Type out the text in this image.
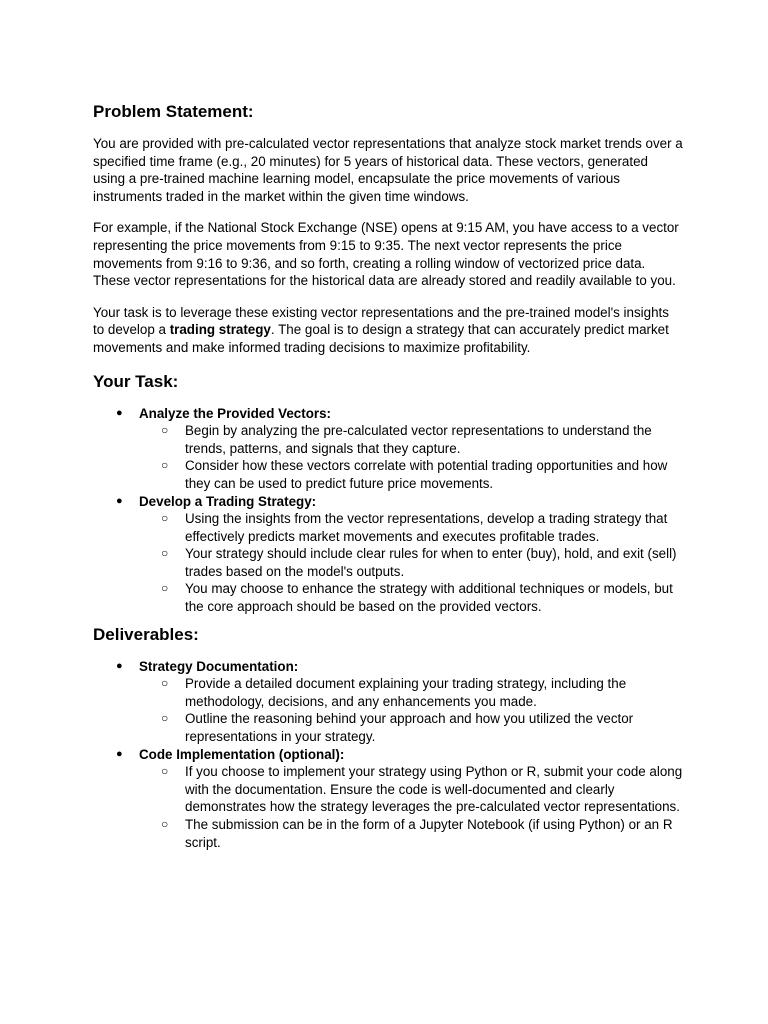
Problem Statement:

You are provided with pre-calculated vector representations that analyze stock market trends over a specified time frame (e.g., 20 minutes) for 5 years of historical data. These vectors, generated using a pre-trained machine learning model, encapsulate the price movements of various instruments traded in the market within the given time windows.

For example, if the National Stock Exchange (NSE) opens at 9:15 AM, you have access to a vector representing the price movements from 9:15 to 9:35. The next vector represents the price movements from 9:16 to 9:36, and so forth, creating a rolling window of vectorized price data. These vector representations for the historical data are already stored and readily available to you.

Your task is to leverage these existing vector representations and the pre-trained model's insights to develop a trading strategy. The goal is to design a strategy that can accurately predict market movements and make informed trading decisions to maximize profitability.

Your Task:
● Analyze the Provided Vectors:
○ Begin by analyzing the pre-calculated vector representations to understand the trends, patterns, and signals that they capture.
○ Consider how these vectors correlate with potential trading opportunities and how they can be used to predict future price movements.
● Develop a Trading Strategy:
○ Using the insights from the vector representations, develop a trading strategy that effectively predicts market movements and executes profitable trades.
○ Your strategy should include clear rules for when to enter (buy), hold, and exit (sell) trades based on the model's outputs.
○ You may choose to enhance the strategy with additional techniques or models, but the core approach should be based on the provided vectors.
Deliverables:
● Strategy Documentation:
○ Provide a detailed document explaining your trading strategy, including the methodology, decisions, and any enhancements you made.
○ Outline the reasoning behind your approach and how you utilized the vector representations in your strategy.
● Code Implementation (optional):
○ If you choose to implement your strategy using Python or R, submit your code along with the documentation. Ensure the code is well-documented and clearly demonstrates how the strategy leverages the pre-calculated vector representations.
○ The submission can be in the form of a Jupyter Notebook (if using Python) or an R script.
